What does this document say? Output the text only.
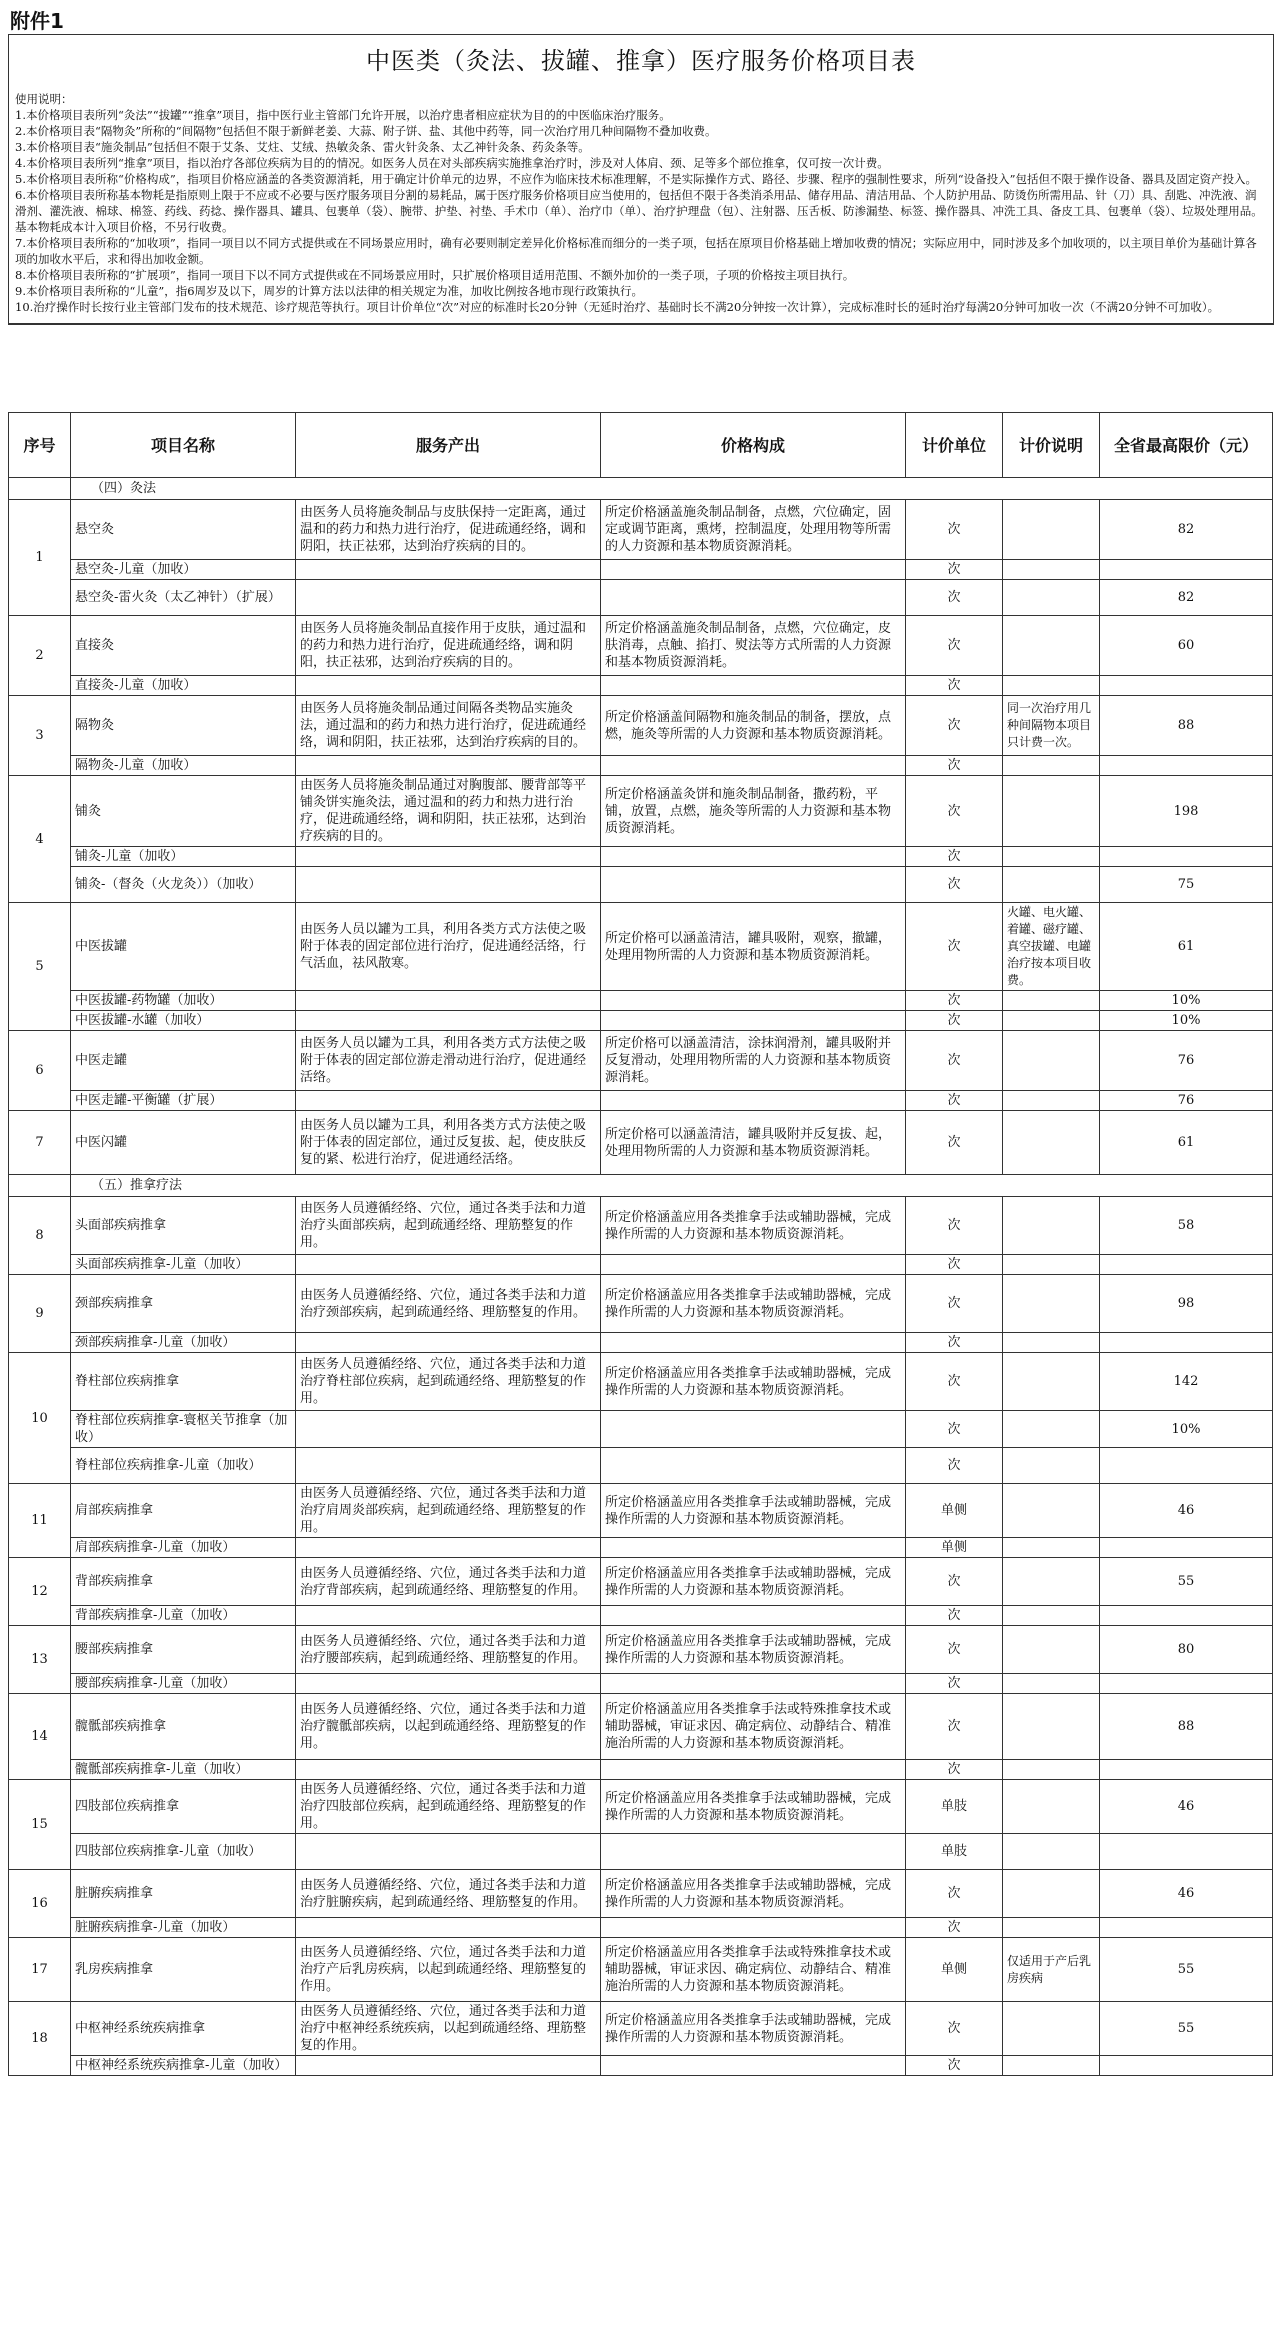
附件1
中医类（灸法、拔罐、推拿）医疗服务价格项目表
使用说明：
1.本价格项目表所列“灸法”“拔罐”“推拿”项目，指中医行业主管部门允许开展，以治疗患者相应症状为目的的中医临床治疗服务。
2.本价格项目表“隔物灸”所称的“间隔物”包括但不限于新鲜老姜、大蒜、附子饼、盐、其他中药等，同一次治疗用几种间隔物不叠加收费。
3.本价格项目表“施灸制品”包括但不限于艾条、艾炷、艾绒、热敏灸条、雷火针灸条、太乙神针灸条、药灸条等。
4.本价格项目表所列“推拿”项目，指以治疗各部位疾病为目的的情况。如医务人员在对头部疾病实施推拿治疗时，涉及对人体肩、颈、足等多个部位推拿，仅可按一次计费。
5.本价格项目表所称“价格构成”，指项目价格应涵盖的各类资源消耗，用于确定计价单元的边界，不应作为临床技术标准理解，不是实际操作方式、路径、步骤、程序的强制性要求，所列“设备投入”包括但不限于操作设备、器具及固定资产投入。
6.本价格项目表所称基本物耗是指原则上限于不应或不必要与医疗服务项目分割的易耗品，属于医疗服务价格项目应当使用的，包括但不限于各类消杀用品、储存用品、清洁用品、个人防护用品、防烫伤所需用品、针（刀）具、刮匙、冲洗液、润滑剂、灌洗液、棉球、棉签、药线、药捻、操作器具、罐具、包裹单（袋）、腕带、护垫、衬垫、手术巾（单）、治疗巾（单）、治疗护理盘（包）、注射器、压舌板、防渗漏垫、标签、操作器具、冲洗工具、备皮工具、包裹单（袋）、垃圾处理用品。基本物耗成本计入项目价格，不另行收费。
7.本价格项目表所称的“加收项”，指同一项目以不同方式提供或在不同场景应用时，确有必要则制定差异化价格标准而细分的一类子项，包括在原项目价格基础上增加收费的情况；实际应用中，同时涉及多个加收项的，以主项目单价为基础计算各项的加收水平后，求和得出加收金额。
8.本价格项目表所称的“扩展项”，指同一项目下以不同方式提供或在不同场景应用时，只扩展价格项目适用范围、不额外加价的一类子项，子项的价格按主项目执行。
9.本价格项目表所称的“儿童”，指6周岁及以下，周岁的计算方法以法律的相关规定为准，加收比例按各地市现行政策执行。
10.治疗操作时长按行业主管部门发布的技术规范、诊疗规范等执行。项目计价单位“次”对应的标准时长20分钟（无延时治疗、基础时长不满20分钟按一次计算），完成标准时长的延时治疗每满20分钟可加收一次（不满20分钟不可加收）。
序号	项目名称	服务产出	价格构成	计价单位	计价说明	全省最高限价（元）
	（四）灸法					
1	悬空灸	由医务人员将施灸制品与皮肤保持一定距离，通过温和的药力和热力进行治疗，促进疏通经络，调和阴阳，扶正祛邪，达到治疗疾病的目的。	所定价格涵盖施灸制品制备，点燃，穴位确定，固定或调节距离，熏烤，控制温度，处理用物等所需的人力资源和基本物质资源消耗。	次		82
	悬空灸-儿童（加收）			次		
	悬空灸-雷火灸（太乙神针）（扩展）			次		82
2	直接灸	由医务人员将施灸制品直接作用于皮肤，通过温和的药力和热力进行治疗，促进疏通经络，调和阴阳，扶正祛邪，达到治疗疾病的目的。	所定价格涵盖施灸制品制备，点燃，穴位确定，皮肤消毒，点触、掐打、熨法等方式所需的人力资源和基本物质资源消耗。	次		60
	直接灸-儿童（加收）			次		
3	隔物灸	由医务人员将施灸制品通过间隔各类物品实施灸法，通过温和的药力和热力进行治疗，促进疏通经络，调和阴阳，扶正祛邪，达到治疗疾病的目的。	所定价格涵盖间隔物和施灸制品的制备，摆放，点燃，施灸等所需的人力资源和基本物质资源消耗。	次	同一次治疗用几种间隔物本项目只计费一次。	88
	隔物灸-儿童（加收）			次		
4	铺灸	由医务人员将施灸制品通过对胸腹部、腰背部等平铺灸饼实施灸法，通过温和的药力和热力进行治疗，促进疏通经络，调和阴阳，扶正祛邪，达到治疗疾病的目的。	所定价格涵盖灸饼和施灸制品制备，撒药粉，平铺，放置，点燃，施灸等所需的人力资源和基本物质资源消耗。	次		198
	铺灸-儿童（加收）			次		
	铺灸-（督灸（火龙灸））（加收）			次		75
5	中医拔罐	由医务人员以罐为工具，利用各类方式方法使之吸附于体表的固定部位进行治疗，促进通经活络，行气活血，祛风散寒。	所定价格可以涵盖清洁，罐具吸附，观察，撤罐，处理用物所需的人力资源和基本物质资源消耗。	次	火罐、电火罐、着罐、磁疗罐、真空拔罐、电罐治疗按本项目收费。	61
	中医拔罐-药物罐（加收）			次		10%
	中医拔罐-水罐（加收）			次		10%
6	中医走罐	由医务人员以罐为工具，利用各类方式方法使之吸附于体表的固定部位游走滑动进行治疗，促进通经活络。	所定价格可以涵盖清洁，涂抹润滑剂，罐具吸附并反复滑动，处理用物所需的人力资源和基本物质资源消耗。	次		76
	中医走罐-平衡罐（扩展）			次		76
7	中医闪罐	由医务人员以罐为工具，利用各类方式方法使之吸附于体表的固定部位，通过反复拔、起，使皮肤反复的紧、松进行治疗，促进通经活络。	所定价格可以涵盖清洁，罐具吸附并反复拔、起，处理用物所需的人力资源和基本物质资源消耗。	次		61
	（五）推拿疗法					
8	头面部疾病推拿	由医务人员遵循经络、穴位，通过各类手法和力道治疗头面部疾病，起到疏通经络、理筋整复的作用。	所定价格涵盖应用各类推拿手法或辅助器械，完成操作所需的人力资源和基本物质资源消耗。	次		58
	头面部疾病推拿-儿童（加收）			次		
9	颈部疾病推拿	由医务人员遵循经络、穴位，通过各类手法和力道治疗颈部疾病，起到疏通经络、理筋整复的作用。	所定价格涵盖应用各类推拿手法或辅助器械，完成操作所需的人力资源和基本物质资源消耗。	次		98
	颈部疾病推拿-儿童（加收）			次		
10	脊柱部位疾病推拿	由医务人员遵循经络、穴位，通过各类手法和力道治疗脊柱部位疾病，起到疏通经络、理筋整复的作用。	所定价格涵盖应用各类推拿手法或辅助器械，完成操作所需的人力资源和基本物质资源消耗。	次		142
	脊柱部位疾病推拿-寰枢关节推拿（加收）			次		10%
	脊柱部位疾病推拿-儿童（加收）			次		
11	肩部疾病推拿	由医务人员遵循经络、穴位，通过各类手法和力道治疗肩周炎部疾病，起到疏通经络、理筋整复的作用。	所定价格涵盖应用各类推拿手法或辅助器械，完成操作所需的人力资源和基本物质资源消耗。	单侧		46
	肩部疾病推拿-儿童（加收）			单侧		
12	背部疾病推拿	由医务人员遵循经络、穴位，通过各类手法和力道治疗背部疾病，起到疏通经络、理筋整复的作用。	所定价格涵盖应用各类推拿手法或辅助器械，完成操作所需的人力资源和基本物质资源消耗。	次		55
	背部疾病推拿-儿童（加收）			次		
13	腰部疾病推拿	由医务人员遵循经络、穴位，通过各类手法和力道治疗腰部疾病，起到疏通经络、理筋整复的作用。	所定价格涵盖应用各类推拿手法或辅助器械，完成操作所需的人力资源和基本物质资源消耗。	次		80
	腰部疾病推拿-儿童（加收）			次		
14	髋骶部疾病推拿	由医务人员遵循经络、穴位，通过各类手法和力道治疗髋骶部疾病，以起到疏通经络、理筋整复的作用。	所定价格涵盖应用各类推拿手法或特殊推拿技术或辅助器械，审证求因、确定病位、动静结合、精准施治所需的人力资源和基本物质资源消耗。	次		88
	髋骶部疾病推拿-儿童（加收）			次		
15	四肢部位疾病推拿	由医务人员遵循经络、穴位，通过各类手法和力道治疗四肢部位疾病，起到疏通经络、理筋整复的作用。	所定价格涵盖应用各类推拿手法或辅助器械，完成操作所需的人力资源和基本物质资源消耗。	单肢		46
	四肢部位疾病推拿-儿童（加收）			单肢		
16	脏腑疾病推拿	由医务人员遵循经络、穴位，通过各类手法和力道治疗脏腑疾病，起到疏通经络、理筋整复的作用。	所定价格涵盖应用各类推拿手法或辅助器械，完成操作所需的人力资源和基本物质资源消耗。	次		46
	脏腑疾病推拿-儿童（加收）			次		
17	乳房疾病推拿	由医务人员遵循经络、穴位，通过各类手法和力道治疗产后乳房疾病，以起到疏通经络、理筋整复的作用。	所定价格涵盖应用各类推拿手法或特殊推拿技术或辅助器械，审证求因、确定病位、动静结合、精准施治所需的人力资源和基本物质资源消耗。	单侧	仅适用于产后乳房疾病	55
18	中枢神经系统疾病推拿	由医务人员遵循经络、穴位，通过各类手法和力道治疗中枢神经系统疾病，以起到疏通经络、理筋整复的作用。	所定价格涵盖应用各类推拿手法或辅助器械，完成操作所需的人力资源和基本物质资源消耗。	次		55
	中枢神经系统疾病推拿-儿童（加收）			次		
